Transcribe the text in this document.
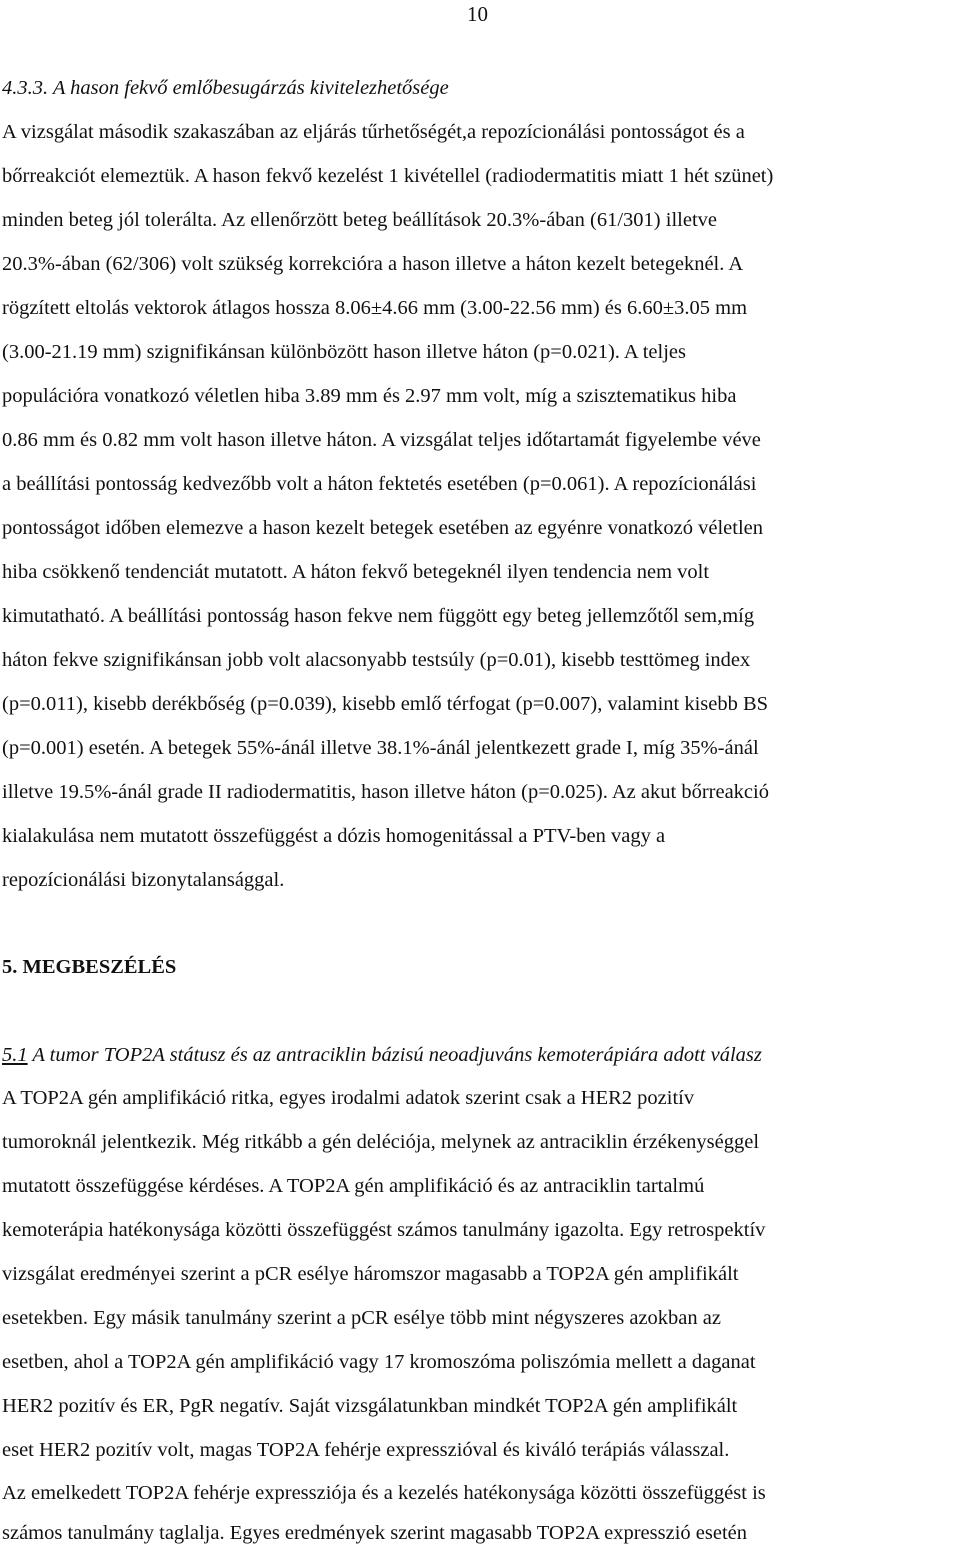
10
4.3.3. A hason fekvő emlőbesugárzás kivitelezhetősége
A vizsgálat második szakaszában az eljárás tűrhetőségét,a repozícionálási pontosságot és a
bőrreakciót elemeztük. A hason fekvő kezelést 1 kivétellel (radiodermatitis miatt 1 hét szünet)
minden beteg jól tolerálta. Az ellenőrzött beteg beállítások 20.3%-ában (61/301) illetve
20.3%-ában (62/306) volt szükség korrekcióra a hason illetve a háton kezelt betegeknél. A
rögzített eltolás vektorok átlagos hossza 8.06±4.66 mm (3.00-22.56 mm) és 6.60±3.05 mm
(3.00-21.19 mm) szignifikánsan különbözött hason illetve háton (p=0.021). A teljes
populációra vonatkozó véletlen hiba 3.89 mm és 2.97 mm volt, míg a szisztematikus hiba
0.86 mm és 0.82 mm volt hason illetve háton. A vizsgálat teljes időtartamát figyelembe véve
a beállítási pontosság kedvezőbb volt a háton fektetés esetében (p=0.061). A repozícionálási
pontosságot időben elemezve a hason kezelt betegek esetében az egyénre vonatkozó véletlen
hiba csökkenő tendenciát mutatott. A háton fekvő betegeknél ilyen tendencia nem volt
kimutatható. A beállítási pontosság hason fekve nem függött egy beteg jellemzőtől sem,míg
háton fekve szignifikánsan jobb volt alacsonyabb testsúly (p=0.01), kisebb testtömeg index
(p=0.011), kisebb derékbőség (p=0.039), kisebb emlő térfogat (p=0.007), valamint kisebb BS
(p=0.001) esetén. A betegek 55%-ánál illetve 38.1%-ánál jelentkezett grade I, míg 35%-ánál
illetve 19.5%-ánál grade II radiodermatitis, hason illetve háton (p=0.025). Az akut bőrreakció
kialakulása nem mutatott összefüggést a dózis homogenitással a PTV-ben vagy a
repozícionálási bizonytalansággal.
5. MEGBESZÉLÉS
5.1 A tumor TOP2A státusz és az antraciklin bázisú neoadjuváns kemoterápiára adott válasz
A TOP2A gén amplifikáció ritka, egyes irodalmi adatok szerint csak a HER2 pozitív
tumoroknál jelentkezik. Még ritkább a gén deléciója, melynek az antraciklin érzékenységgel
mutatott összefüggése kérdéses. A TOP2A gén amplifikáció és az antraciklin tartalmú
kemoterápia hatékonysága közötti összefüggést számos tanulmány igazolta. Egy retrospektív
vizsgálat eredményei szerint a pCR esélye háromszor magasabb a TOP2A gén amplifikált
esetekben. Egy másik tanulmány szerint a pCR esélye több mint négyszeres azokban az
esetben, ahol a TOP2A gén amplifikáció vagy 17 kromoszóma poliszómia mellett a daganat
HER2 pozitív és ER, PgR negatív. Saját vizsgálatunkban mindkét TOP2A gén amplifikált
eset HER2 pozitív volt, magas TOP2A fehérje expresszióval és kiváló terápiás válasszal.
Az emelkedett TOP2A fehérje expressziója és a kezelés hatékonysága közötti összefüggést is
számos tanulmány taglalja. Egyes eredmények szerint magasabb TOP2A expresszió esetén
